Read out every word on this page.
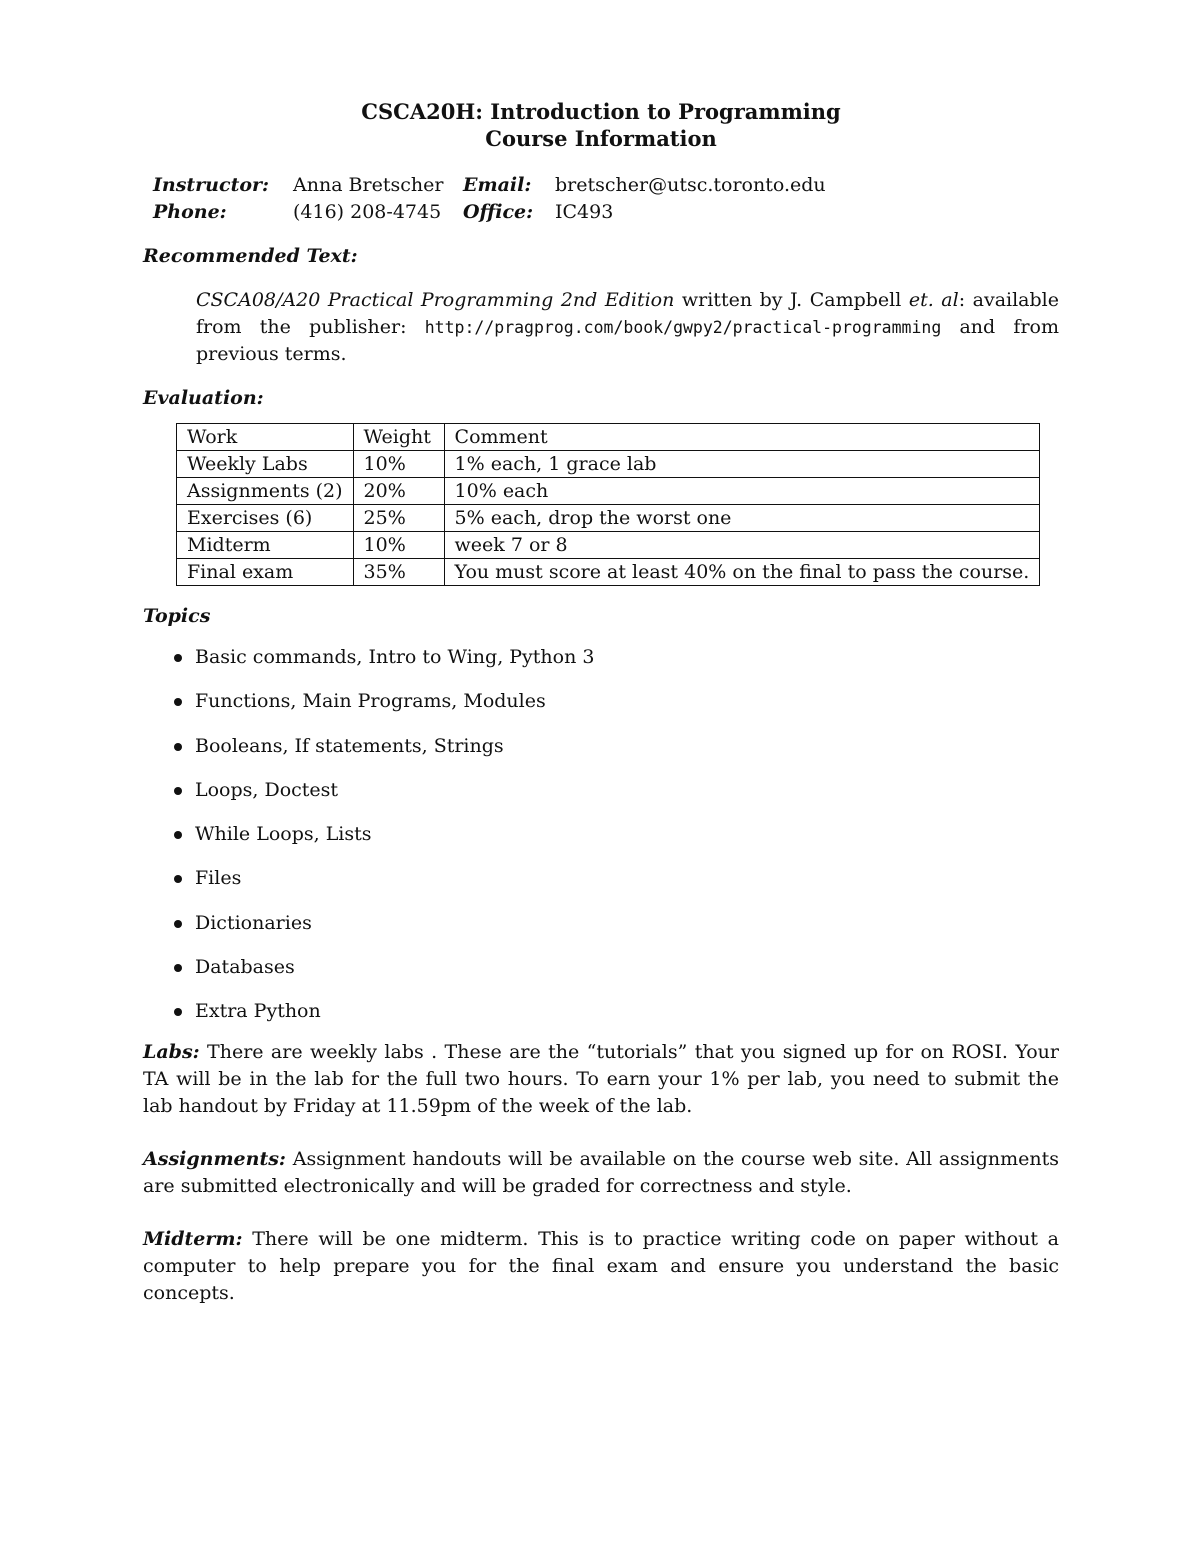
CSCA20H: Introduction to Programming
Course Information
Instructor:	Anna Bretscher	Email:	bretscher@utsc.toronto.edu
Phone:	(416) 208-4745	Office:	IC493
Recommended Text:
CSCA08/A20 Practical Programming 2nd Edition written by J. Campbell et. al: available from the publisher: http://pragprog.com/book/gwpy2/practical-programming and from previous terms.
Evaluation:
Work	Weight	Comment
Weekly Labs	10%	1% each, 1 grace lab
Assignments (2)	20%	10% each
Exercises (6)	25%	5% each, drop the worst one
Midterm	10%	week 7 or 8
Final exam	35%	You must score at least 40% on the final to pass the course.
Topics
Basic commands, Intro to Wing, Python 3
Functions, Main Programs, Modules
Booleans, If statements, Strings
Loops, Doctest
While Loops, Lists
Files
Dictionaries
Databases
Extra Python
Labs: There are weekly labs . These are the “tutorials” that you signed up for on ROSI. Your TA will be in the lab for the full two hours. To earn your 1% per lab, you need to submit the lab handout by Friday at 11.59pm of the week of the lab.
Assignments: Assignment handouts will be available on the course web site. All assignments are submitted electronically and will be graded for correctness and style.
Midterm: There will be one midterm. This is to practice writing code on paper without a computer to help prepare you for the final exam and ensure you understand the basic concepts.
